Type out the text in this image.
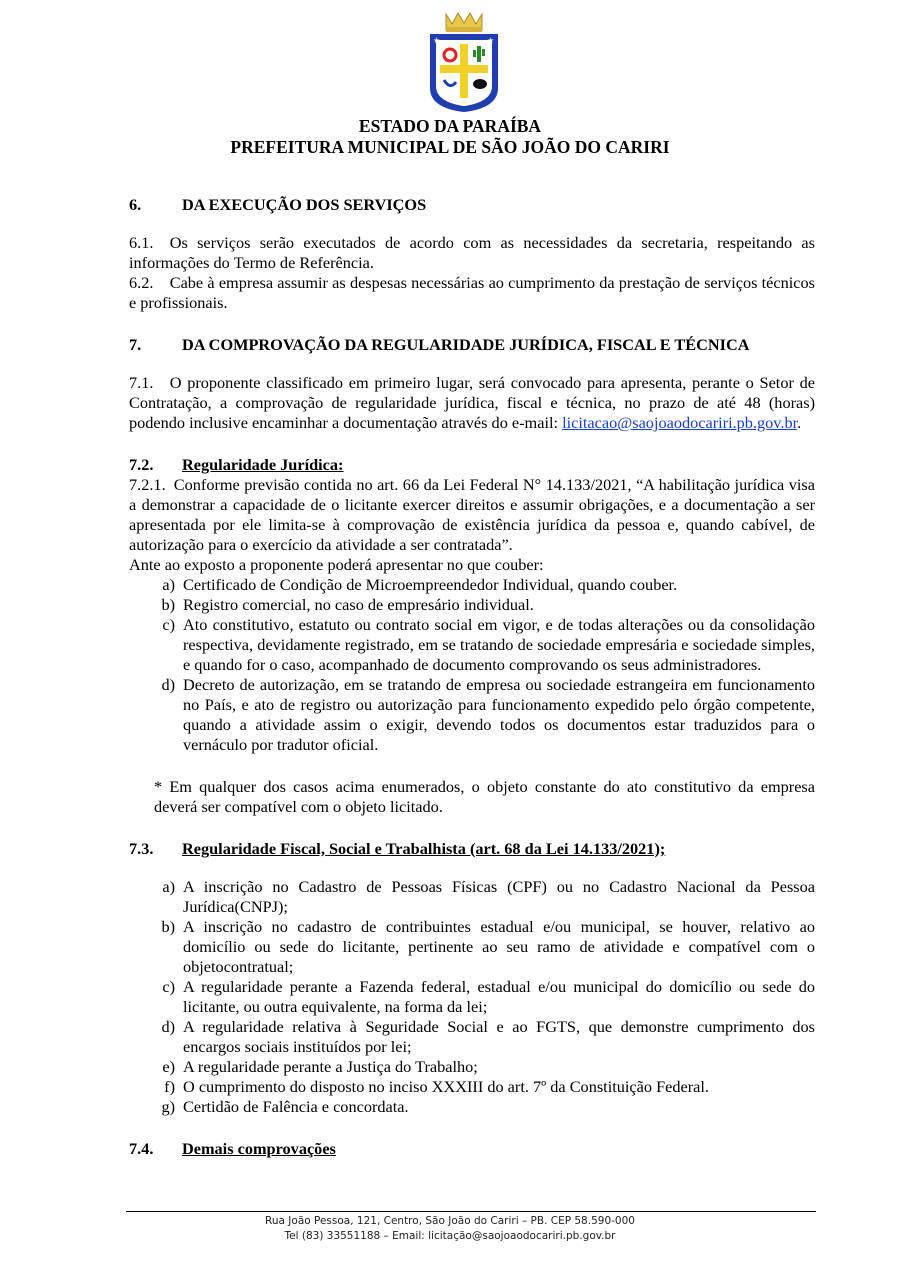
★	★
ESTADO DA PARAÍBA
PREFEITURA MUNICIPAL DE SÃO JOÃO DO CARIRI
6.	DA EXECUÇÃO DOS SERVIÇOS

6.1. Os serviços serão executados de acordo com as necessidades da secretaria, respeitando as informações do Termo de Referência.

6.2. Cabe à empresa assumir as despesas necessárias ao cumprimento da prestação de serviços técnicos e profissionais.

7.	DA COMPROVAÇÃO DA REGULARIDADE JURÍDICA, FISCAL E TÉCNICA

7.1. O proponente classificado em primeiro lugar, será convocado para apresenta, perante o Setor de Contratação, a comprovação de regularidade jurídica, fiscal e técnica, no prazo de até 48 (horas) podendo inclusive encaminhar a documentação através do e-mail: licitacao@saojoaodocariri.pb.gov.br.

7.2.	Regularidade Jurídica:

7.2.1. Conforme previsão contida no art. 66 da Lei Federal N° 14.133/2021, “A habilitação jurídica visa a demonstrar a capacidade de o licitante exercer direitos e assumir obrigações, e a documentação a ser apresentada por ele limita-se à comprovação de existência jurídica da pessoa e, quando cabível, de autorização para o exercício da atividade a ser contratada”.

Ante ao exposto a proponente poderá apresentar no que couber:

a) Certificado de Condição de Microempreendedor Individual, quando couber.
b) Registro comercial, no caso de empresário individual.
c) Ato constitutivo, estatuto ou contrato social em vigor, e de todas alterações ou da consolidação respectiva, devidamente registrado, em se tratando de sociedade empresária e sociedade simples, e quando for o caso, acompanhado de documento comprovando os seus administradores.
d) Decreto de autorização, em se tratando de empresa ou sociedade estrangeira em funcionamento no País, e ato de registro ou autorização para funcionamento expedido pelo órgão competente, quando a atividade assim o exigir, devendo todos os documentos estar traduzidos para o vernáculo por tradutor oficial.

* Em qualquer dos casos acima enumerados, o objeto constante do ato constitutivo da empresa deverá ser compatível com o objeto licitado.

7.3.	Regularidade Fiscal, Social e Trabalhista (art. 68 da Lei 14.133/2021);
a) A inscrição no Cadastro de Pessoas Físicas (CPF) ou no Cadastro Nacional da Pessoa Jurídica(CNPJ);
b) A inscrição no cadastro de contribuintes estadual e/ou municipal, se houver, relativo ao domicílio ou sede do licitante, pertinente ao seu ramo de atividade e compatível com o objetocontratual;
c) A regularidade perante a Fazenda federal, estadual e/ou municipal do domicílio ou sede do licitante, ou outra equivalente, na forma da lei;
d) A regularidade relativa à Seguridade Social e ao FGTS, que demonstre cumprimento dos encargos sociais instituídos por lei;
e) A regularidade perante a Justiça do Trabalho;
f) O cumprimento do disposto no inciso XXXIII do art. 7º da Constituição Federal.
g) Certidão de Falência e concordata.
7.4.	Demais comprovações
Rua João Pessoa, 121, Centro, São João do Cariri – PB. CEP 58.590-000
Tel (83) 33551188 – Email: licitação@saojoaodocariri.pb.gov.br
